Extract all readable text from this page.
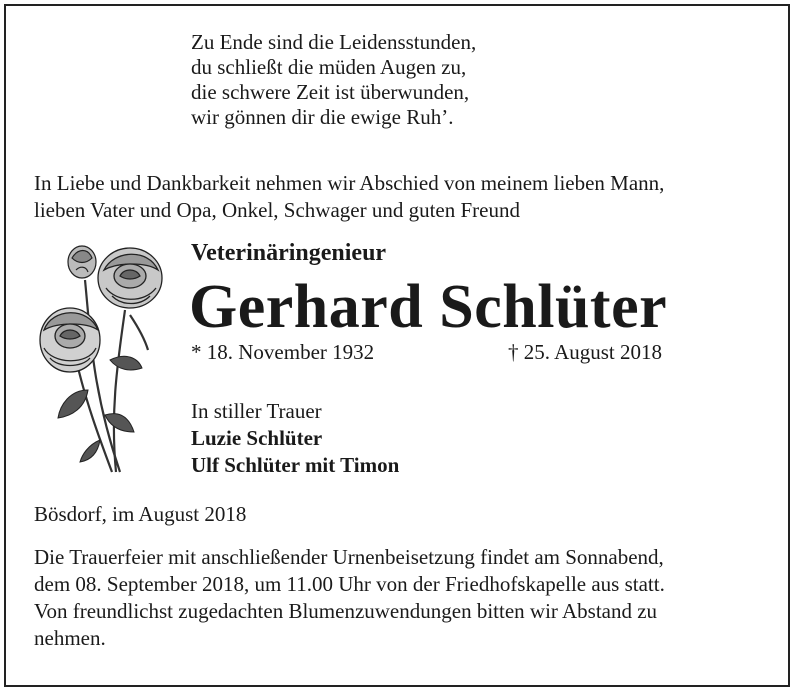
Zu Ende sind die Leidensstunden,
du schließt die müden Augen zu,
die schwere Zeit ist überwunden,
wir gönnen dir die ewige Ruh’.
In Liebe und Dankbarkeit nehmen wir Abschied von meinem lieben Mann,
lieben Vater und Opa, Onkel, Schwager und guten Freund
Veterinäringenieur
Gerhard Schlüter
* 18. November 1932	† 25. August 2018
In stiller Trauer
Luzie Schlüter
Ulf Schlüter mit Timon
Bösdorf, im August 2018
Die Trauerfeier mit anschließender Urnenbeisetzung findet am Sonnabend,
dem 08. September 2018, um 11.00 Uhr von der Friedhofskapelle aus statt.
Von freundlichst zugedachten Blumenzuwendungen bitten wir Abstand zu
nehmen.
